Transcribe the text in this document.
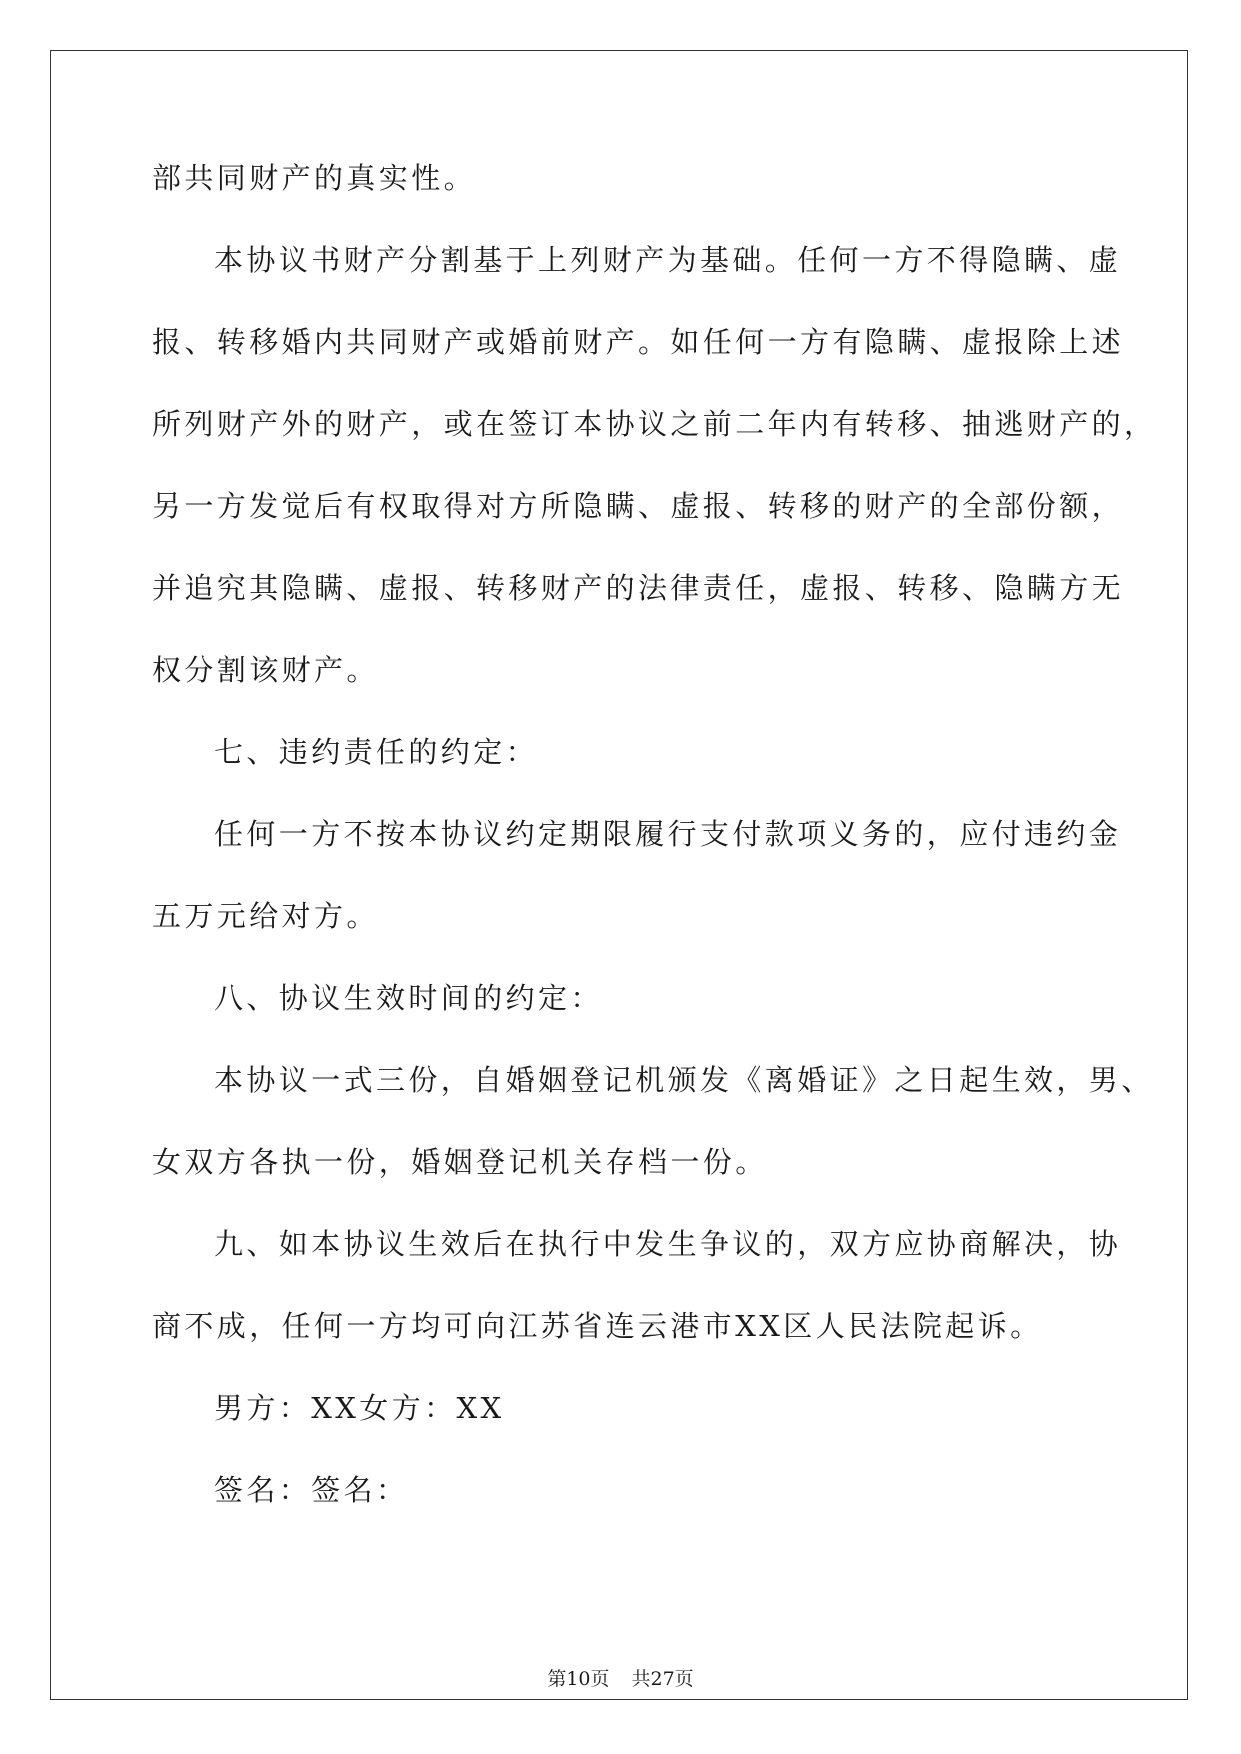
部共同财产的真实性。
本协议书财产分割基于上列财产为基础。任何一方不得隐瞒、虚
报、转移婚内共同财产或婚前财产。如任何一方有隐瞒、虚报除上述
所列财产外的财产，或在签订本协议之前二年内有转移、抽逃财产的，
另一方发觉后有权取得对方所隐瞒、虚报、转移的财产的全部份额，
并追究其隐瞒、虚报、转移财产的法律责任，虚报、转移、隐瞒方无
权分割该财产。
七、违约责任的约定：
任何一方不按本协议约定期限履行支付款项义务的，应付违约金
五万元给对方。
八、协议生效时间的约定：
本协议一式三份，自婚姻登记机颁发《离婚证》之日起生效，男、
女双方各执一份，婚姻登记机关存档一份。
九、如本协议生效后在执行中发生争议的，双方应协商解决，协
商不成，任何一方均可向江苏省连云港市XX区人民法院起诉。
男方：XX女方：XX
签名：签名：
第10页 共27页
